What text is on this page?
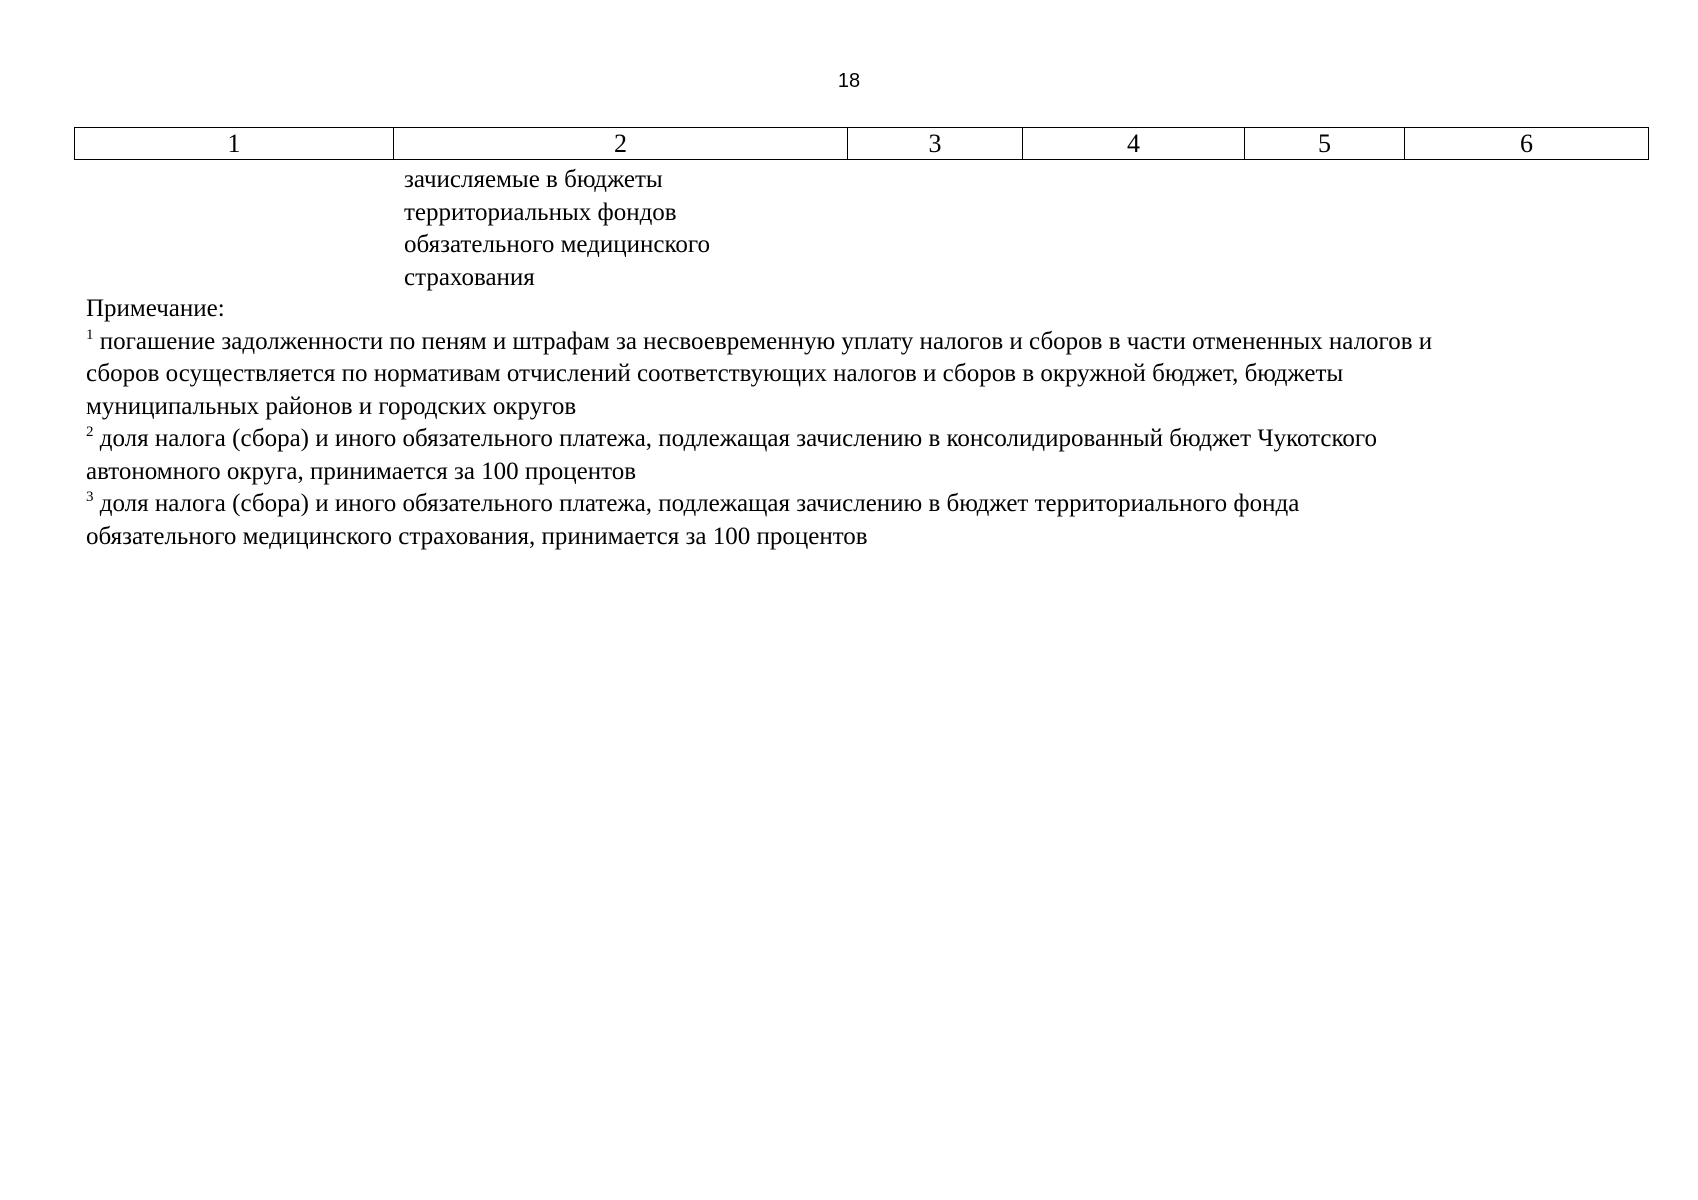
18
1	2	3	4	5	6
зачисляемые в бюджеты
территориальных фондов
обязательного медицинского
страхования
Примечание:
$^1$ погашение задолженности по пеням и штрафам за несвоевременную уплату налогов и сборов в части отмененных налогов и
сборов осуществляется по нормативам отчислений соответствующих налогов и сборов в окружной бюджет, бюджеты
муниципальных районов и городских округов
$^2$ доля налога (сбора) и иного обязательного платежа, подлежащая зачислению в консолидированный бюджет Чукотского
автономного округа, принимается за 100 процентов
$^3$ доля налога (сбора) и иного обязательного платежа, подлежащая зачислению в бюджет территориального фонда
обязательного медицинского страхования, принимается за 100 процентов
